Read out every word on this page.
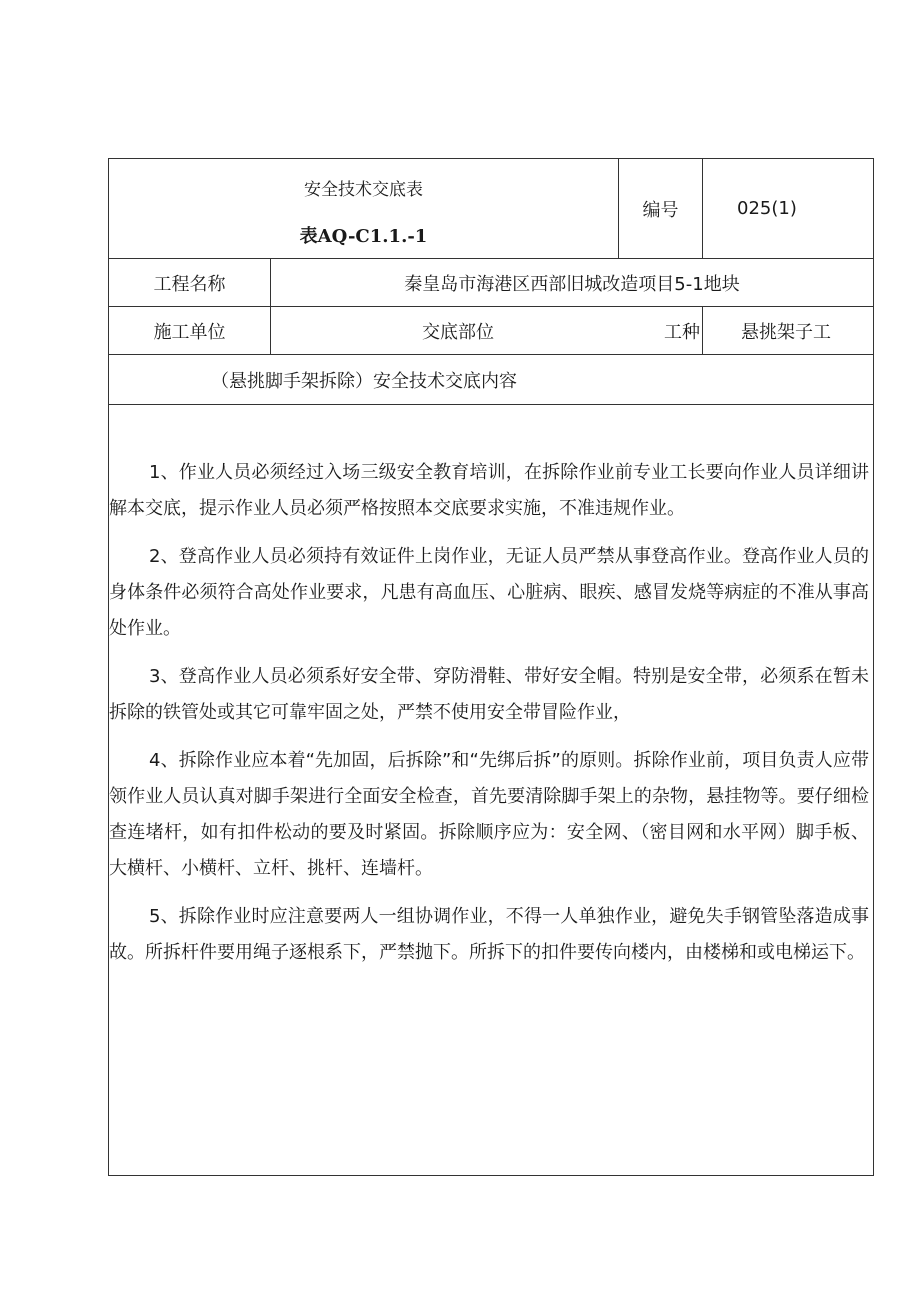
安全技术交底表
表AQ-C1.1.-1
编号	025(1)
工程名称	秦皇岛市海港区西部旧城改造项目5-1地块
施工单位	交底部位	工种 悬挑架子工
（悬挑脚手架拆除）安全技术交底内容

1、作业人员必须经过入场三级安全教育培训，在拆除作业前专业工长要向作业人员详细讲解本交底，提示作业人员必须严格按照本交底要求实施，不准违规作业。

2、登高作业人员必须持有效证件上岗作业，无证人员严禁从事登高作业。登高作业人员的身体条件必须符合高处作业要求，凡患有高血压、心脏病、眼疾、感冒发烧等病症的不准从事高处作业。

3、登高作业人员必须系好安全带、穿防滑鞋、带好安全帽。特别是安全带，必须系在暂未拆除的铁管处或其它可靠牢固之处，严禁不使用安全带冒险作业，

4、拆除作业应本着“先加固，后拆除”和“先绑后拆”的原则。拆除作业前，项目负责人应带领作业人员认真对脚手架进行全面安全检查，首先要清除脚手架上的杂物，悬挂物等。要仔细检查连堵杆，如有扣件松动的要及时紧固。拆除顺序应为：安全网、（密目网和水平网）脚手板、大横杆、小横杆、立杆、挑杆、连墙杆。

5、拆除作业时应注意要两人一组协调作业，不得一人单独作业，避免失手钢管坠落造成事故。所拆杆件要用绳子逐根系下，严禁抛下。所拆下的扣件要传向楼内，由楼梯和或电梯运下。
